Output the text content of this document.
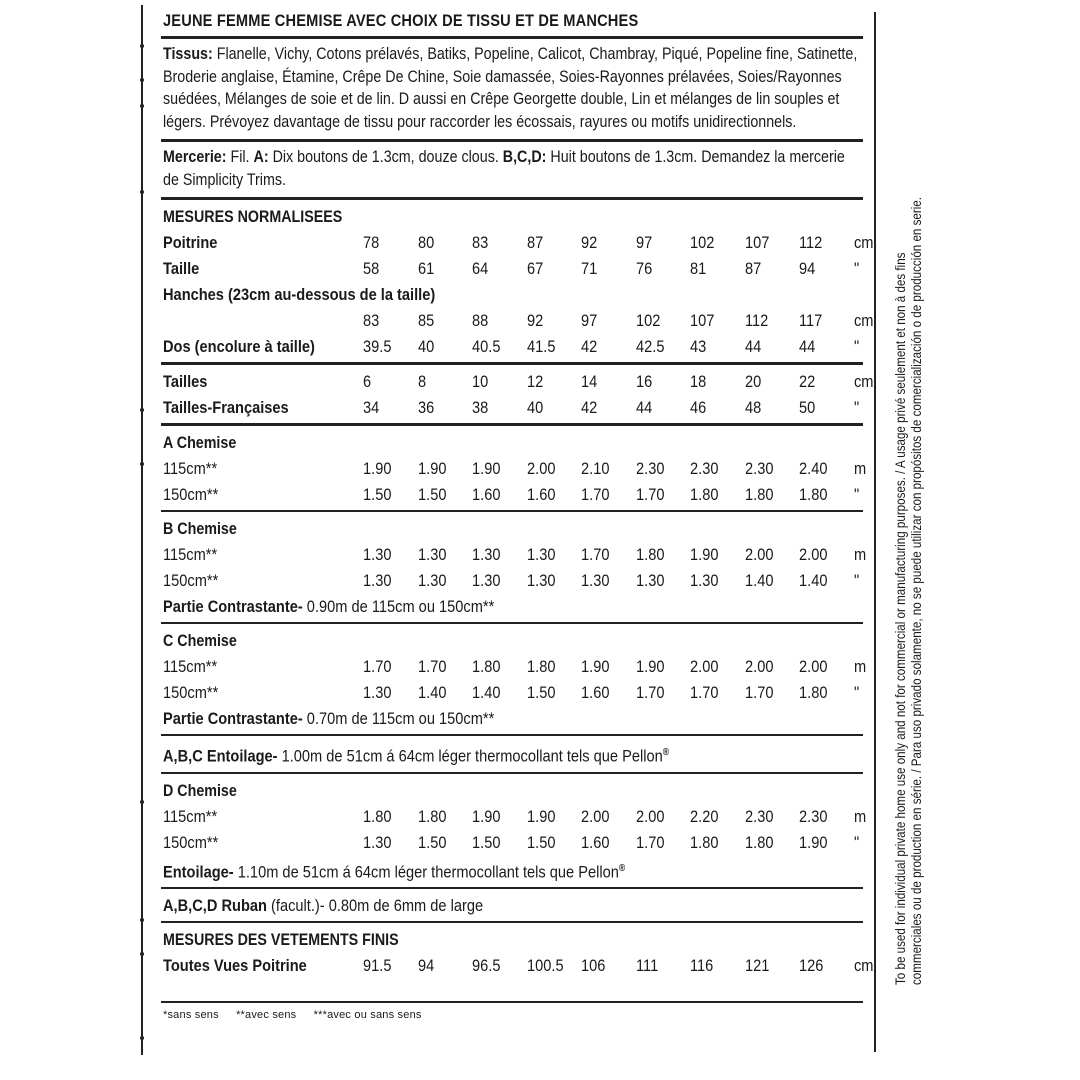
JEUNE FEMME CHEMISE AVEC CHOIX DE TISSU ET DE MANCHES
Tissus: Flanelle, Vichy, Cotons prélavés, Batiks, Popeline, Calicot, Chambray, Piqué, Popeline fine, Satinette, Broderie anglaise, Étamine, Crêpe De Chine, Soie damassée, Soies-Rayonnes prélavées, Soies/Rayonnes suédées, Mélanges de soie et de lin. D aussi en Crêpe Georgette double, Lin et mélanges de lin souples et légers. Prévoyez davantage de tissu pour raccorder les écossais, rayures ou motifs unidirectionnels.
Mercerie: Fil. A: Dix boutons de 1.3cm, douze clous. B,C,D: Huit boutons de 1.3cm. Demandez la mercerie de Simplicity Trims.
MESURES NORMALISEES
Poitrine	78	80	83	87	92	97	102	107	112	cm
Taille	58	61	64	67	71	76	81	87	94	"
Hanches (23cm au-dessous de la taille)										
	83	85	88	92	97	102	107	112	117	cm
Dos (encolure à taille)	39.5	40	40.5	41.5	42	42.5	43	44	44	"
Tailles	6	8	10	12	14	16	18	20	22	cm
Tailles-Françaises	34	36	38	40	42	44	46	48	50	"
A Chemise
115cm**	1.90	1.90	1.90	2.00	2.10	2.30	2.30	2.30	2.40	m
150cm**	1.50	1.50	1.60	1.60	1.70	1.70	1.80	1.80	1.80	"
B Chemise
115cm**	1.30	1.30	1.30	1.30	1.70	1.80	1.90	2.00	2.00	m
150cm**	1.30	1.30	1.30	1.30	1.30	1.30	1.30	1.40	1.40	"
Partie Contrastante- 0.90m de 115cm ou 150cm**
C Chemise
115cm**	1.70	1.70	1.80	1.80	1.90	1.90	2.00	2.00	2.00	m
150cm**	1.30	1.40	1.40	1.50	1.60	1.70	1.70	1.70	1.80	"
Partie Contrastante- 0.70m de 115cm ou 150cm**
A,B,C Entoilage- 1.00m de 51cm á 64cm léger thermocollant tels que Pellon®
D Chemise
115cm**	1.80	1.80	1.90	1.90	2.00	2.00	2.20	2.30	2.30	m
150cm**	1.30	1.50	1.50	1.50	1.60	1.70	1.80	1.80	1.90	"
Entoilage- 1.10m de 51cm á 64cm léger thermocollant tels que Pellon®
A,B,C,D Ruban (facult.)- 0.80m de 6mm de large
MESURES DES VETEMENTS FINIS
Toutes Vues Poitrine	91.5	94	96.5	100.5	106	111	116	121	126	cm
*sans sens **avec sens ***avec ou sans sens
To be used for individual private home use only and not for commercial or manufacturing purposes. / A usage privé seulement et non à des fins commerciales ou de production en série. / Para uso privado solamente, no se puede utilizar con propósitos de comercialización o de producción en serie.
